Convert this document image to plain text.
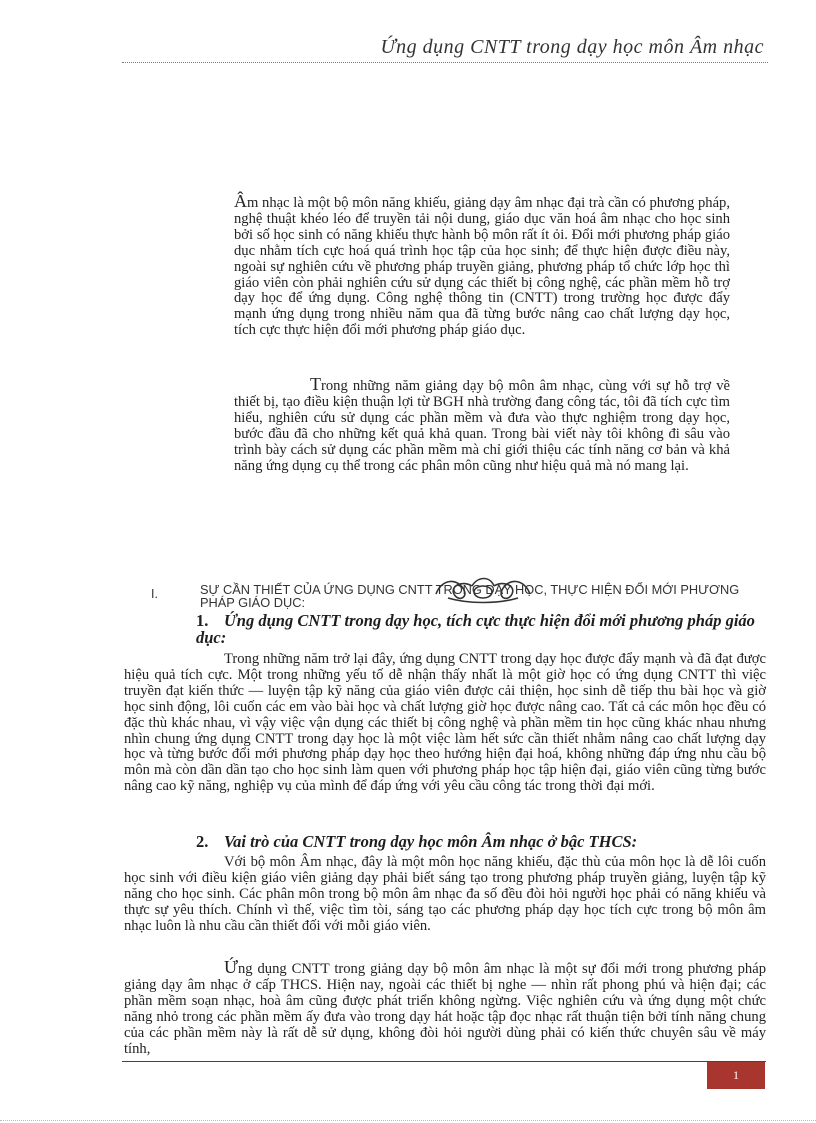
Ứng dụng CNTT trong dạy học môn Âm nhạc

Âm nhạc là một bộ môn năng khiếu, giảng dạy âm nhạc đại trà cần có phương pháp, nghệ thuật khéo léo để truyền tải nội dung, giáo dục văn hoá âm nhạc cho học sinh bởi số học sinh có năng khiếu thực hành bộ môn rất ít ỏi. Đổi mới phương pháp giáo dục nhằm tích cực hoá quá trình học tập của học sinh; để thực hiện được điều này, ngoài sự nghiên cứu về phương pháp truyền giảng, phương pháp tổ chức lớp học thì giáo viên còn phải nghiên cứu sử dụng các thiết bị công nghệ, các phần mềm hỗ trợ dạy học để ứng dụng. Công nghệ thông tin (CNTT) trong trường học được đẩy mạnh ứng dụng trong nhiều năm qua đã từng bước nâng cao chất lượng dạy học, tích cực thực hiện đổi mới phương pháp giáo dục.

Trong những năm giảng dạy bộ môn âm nhạc, cùng với sự hỗ trợ về thiết bị, tạo điều kiện thuận lợi từ BGH nhà trường đang công tác, tôi đã tích cực tìm hiểu, nghiên cứu sử dụng các phần mềm và đưa vào thực nghiệm trong dạy học, bước đầu đã cho những kết quả khả quan. Trong bài viết này tôi không đi sâu vào trình bày cách sử dụng các phần mềm mà chỉ giới thiệu các tính năng cơ bản và khả năng ứng dụng cụ thể trong các phân môn cũng như hiệu quả mà nó mang lại.

I.	SỰ CẦN THIẾT CỦA ỨNG DỤNG CNTT TRONG DẠY HỌC, THỰC HIỆN ĐỔI MỚI PHƯƠNG PHÁP GIÁO DỤC:
1. Ứng dụng CNTT trong dạy học, tích cực thực hiện đổi mới phương pháp giáo dục:

Trong những năm trở lại đây, ứng dụng CNTT trong dạy học được đẩy mạnh và đã đạt được hiệu quả tích cực. Một trong những yếu tố dễ nhận thấy nhất là một giờ học có ứng dụng CNTT thì việc truyền đạt kiến thức — luyện tập kỹ năng của giáo viên được cải thiện, học sinh dễ tiếp thu bài học và giờ học sinh động, lôi cuốn các em vào bài học và chất lượng giờ học được nâng cao. Tất cả các môn học đều có đặc thù khác nhau, vì vậy việc vận dụng các thiết bị công nghệ và phần mềm tin học cũng khác nhau nhưng nhìn chung ứng dụng CNTT trong dạy học là một việc làm hết sức cần thiết nhằm nâng cao chất lượng dạy học và từng bước đổi mới phương pháp dạy học theo hướng hiện đại hoá, không những đáp ứng nhu cầu bộ môn mà còn dần dần tạo cho học sinh làm quen với phương pháp học tập hiện đại, giáo viên cũng từng bước nâng cao kỹ năng, nghiệp vụ của mình để đáp ứng với yêu cầu công tác trong thời đại mới.

2. Vai trò của CNTT trong dạy học môn Âm nhạc ở bậc THCS:

Với bộ môn Âm nhạc, đây là một môn học năng khiếu, đặc thù của môn học là dễ lôi cuốn học sinh với điều kiện giáo viên giảng dạy phải biết sáng tạo trong phương pháp truyền giảng, luyện tập kỹ năng cho học sinh. Các phân môn trong bộ môn âm nhạc đa số đều đòi hỏi người học phải có năng khiếu và thực sự yêu thích. Chính vì thế, việc tìm tòi, sáng tạo các phương pháp dạy học tích cực trong bộ môn âm nhạc luôn là nhu cầu cần thiết đối với mỗi giáo viên.

Ứng dụng CNTT trong giảng dạy bộ môn âm nhạc là một sự đổi mới trong phương pháp giảng dạy âm nhạc ở cấp THCS. Hiện nay, ngoài các thiết bị nghe — nhìn rất phong phú và hiện đại; các phần mềm soạn nhạc, hoà âm cũng được phát triển không ngừng. Việc nghiên cứu và ứng dụng một chức năng nhỏ trong các phần mềm ấy đưa vào trong dạy hát hoặc tập đọc nhạc rất thuận tiện bởi tính năng chung của các phần mềm này là rất dễ sử dụng, không đòi hỏi người dùng phải có kiến thức chuyên sâu về máy tính,

1
